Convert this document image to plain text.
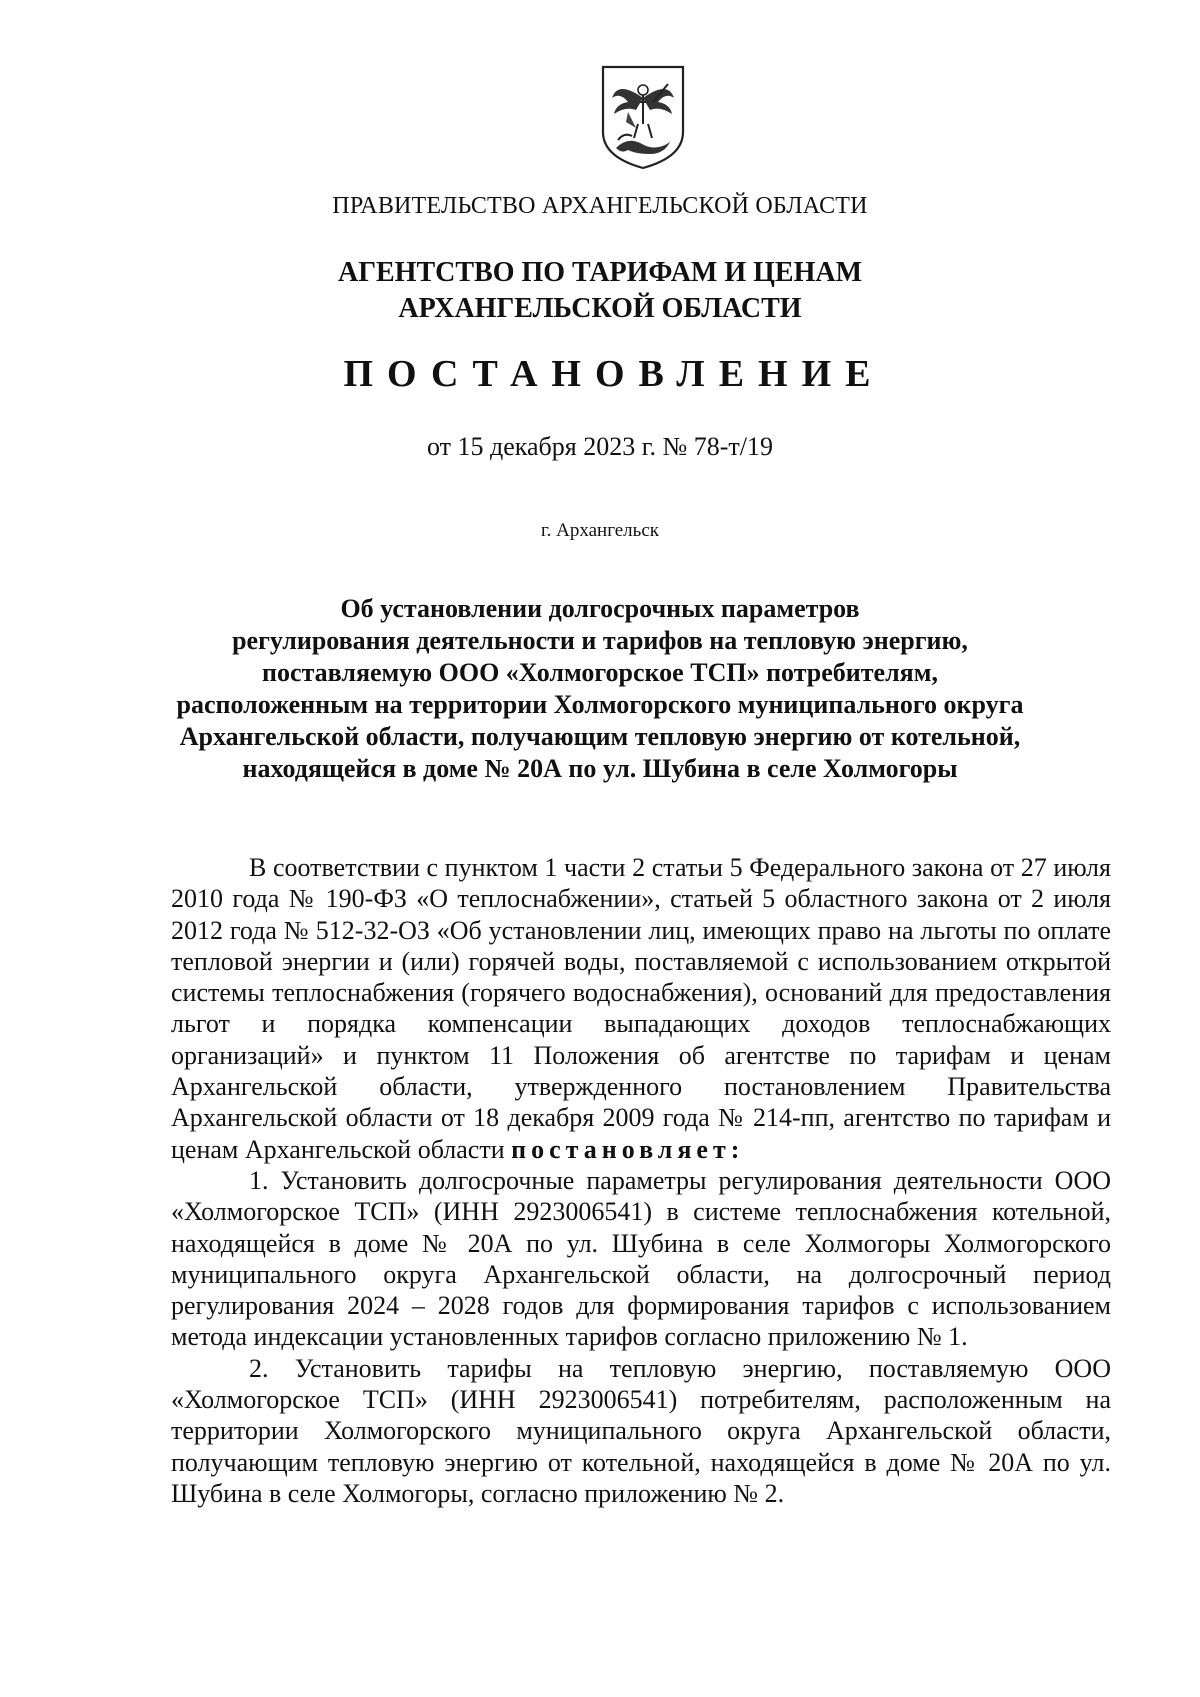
ПРАВИТЕЛЬСТВО АРХАНГЕЛЬСКОЙ ОБЛАСТИ
АГЕНТСТВО ПО ТАРИФАМ И ЦЕНАМ
АРХАНГЕЛЬСКОЙ ОБЛАСТИ
ПОСТАНОВЛЕНИЕ
от 15 декабря 2023 г. № 78-т/19
г. Архангельск
Об установлении долгосрочных параметров
регулирования деятельности и тарифов на тепловую энергию,
поставляемую ООО «Холмогорское ТСП» потребителям,
расположенным на территории Холмогорского муниципального округа
Архангельской области, получающим тепловую энергию от котельной,
находящейся в доме № 20А по ул. Шубина в селе Холмогоры

В соответствии с пунктом 1 части 2 статьи 5 Федерального закона от 27 июля 2010 года № 190-ФЗ «О теплоснабжении», статьей 5 областного закона от 2 июля 2012 года № 512-32-ОЗ «Об установлении лиц, имеющих право на льготы по оплате тепловой энергии и (или) горячей воды, поставляемой с использованием открытой системы теплоснабжения (горячего водоснабжения), оснований для предоставления льгот и порядка компенсации выпадающих доходов теплоснабжающих организаций» и пунктом 11 Положения об агентстве по тарифам и ценам Архангельской области, утвержденного постановлением Правительства Архангельской области от 18 декабря 2009 года № 214-пп, агентство по тарифам и ценам Архангельской области постановляет:

1. Установить долгосрочные параметры регулирования деятельности ООО «Холмогорское ТСП» (ИНН 2923006541) в системе теплоснабжения котельной, находящейся в доме № 20А по ул. Шубина в селе Холмогоры Холмогорского муниципального округа Архангельской области, на долгосрочный период регулирования 2024 – 2028 годов для формирования тарифов с использованием метода индексации установленных тарифов согласно приложению № 1.

2. Установить тарифы на тепловую энергию, поставляемую ООО «Холмогорское ТСП» (ИНН 2923006541) потребителям, расположенным на территории Холмогорского муниципального округа Архангельской области, получающим тепловую энергию от котельной, находящейся в доме № 20А по ул. Шубина в селе Холмогоры, согласно приложению № 2.
